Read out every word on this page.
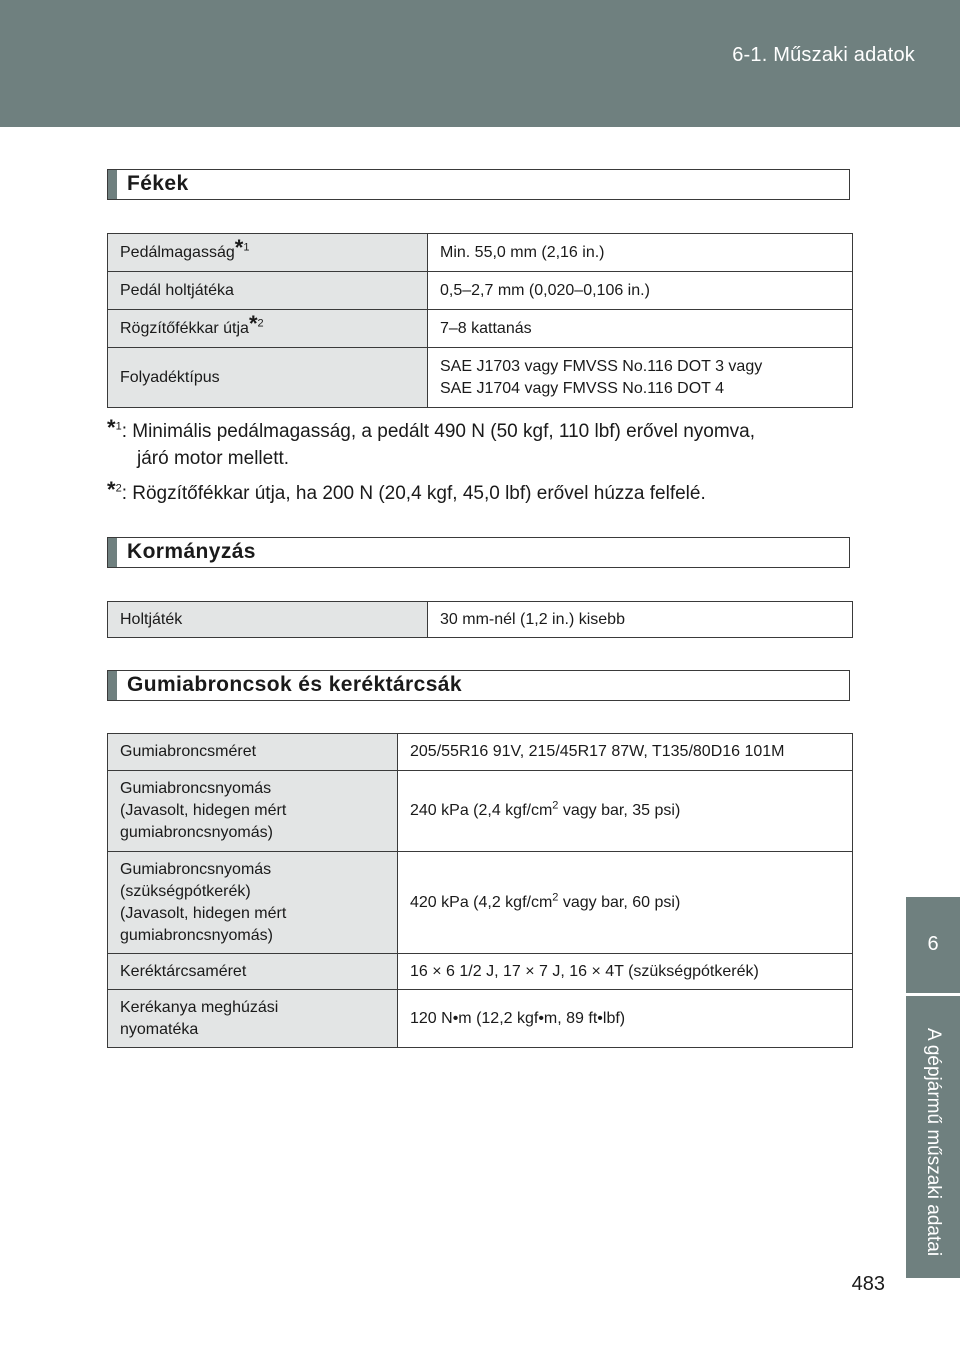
6-1. Műszaki adatok
6
A gépjármű műszaki adatai
Fékek
Pedálmagasság*$^1$	Min. 55,0 mm (2,16 in.)
Pedál holtjátéka	0,5–2,7 mm (0,020–0,106 in.)
Rögzítőfékkar útja*$^2$	7–8 kattanás
Folyadéktípus	SAE J1703 vagy FMVSS No.116 DOT 3 vagy
SAE J1704 vagy FMVSS No.116 DOT 4
*$^1$: Minimális pedálmagasság, a pedált 490 N (50 kgf, 110 lbf) erővel nyomva,
járó motor mellett.
*$^2$: Rögzítőfékkar útja, ha 200 N (20,4 kgf, 45,0 lbf) erővel húzza felfelé.
Kormányzás
Holtjáték	30 mm-nél (1,2 in.) kisebb
Gumiabroncsok és keréktárcsák
Gumiabroncsméret	205/55R16 91V, 215/45R17 87W, T135/80D16 101M
Gumiabroncsnyomás
(Javasolt, hidegen mért
gumiabroncsnyomás)	240 kPa (2,4 kgf/$cm^2$ vagy bar, 35 psi)
Gumiabroncsnyomás
(szükségpótkerék)
(Javasolt, hidegen mért
gumiabroncsnyomás)	420 kPa (4,2 kgf/$cm^2$ vagy bar, 60 psi)
Keréktárcsaméret	16 × 6 1/2 J, 17 × 7 J, 16 × 4T (szükségpótkerék)
Kerékanya meghúzási
nyomatéka	120 N•m (12,2 kgf•m, 89 ft•lbf)
483
